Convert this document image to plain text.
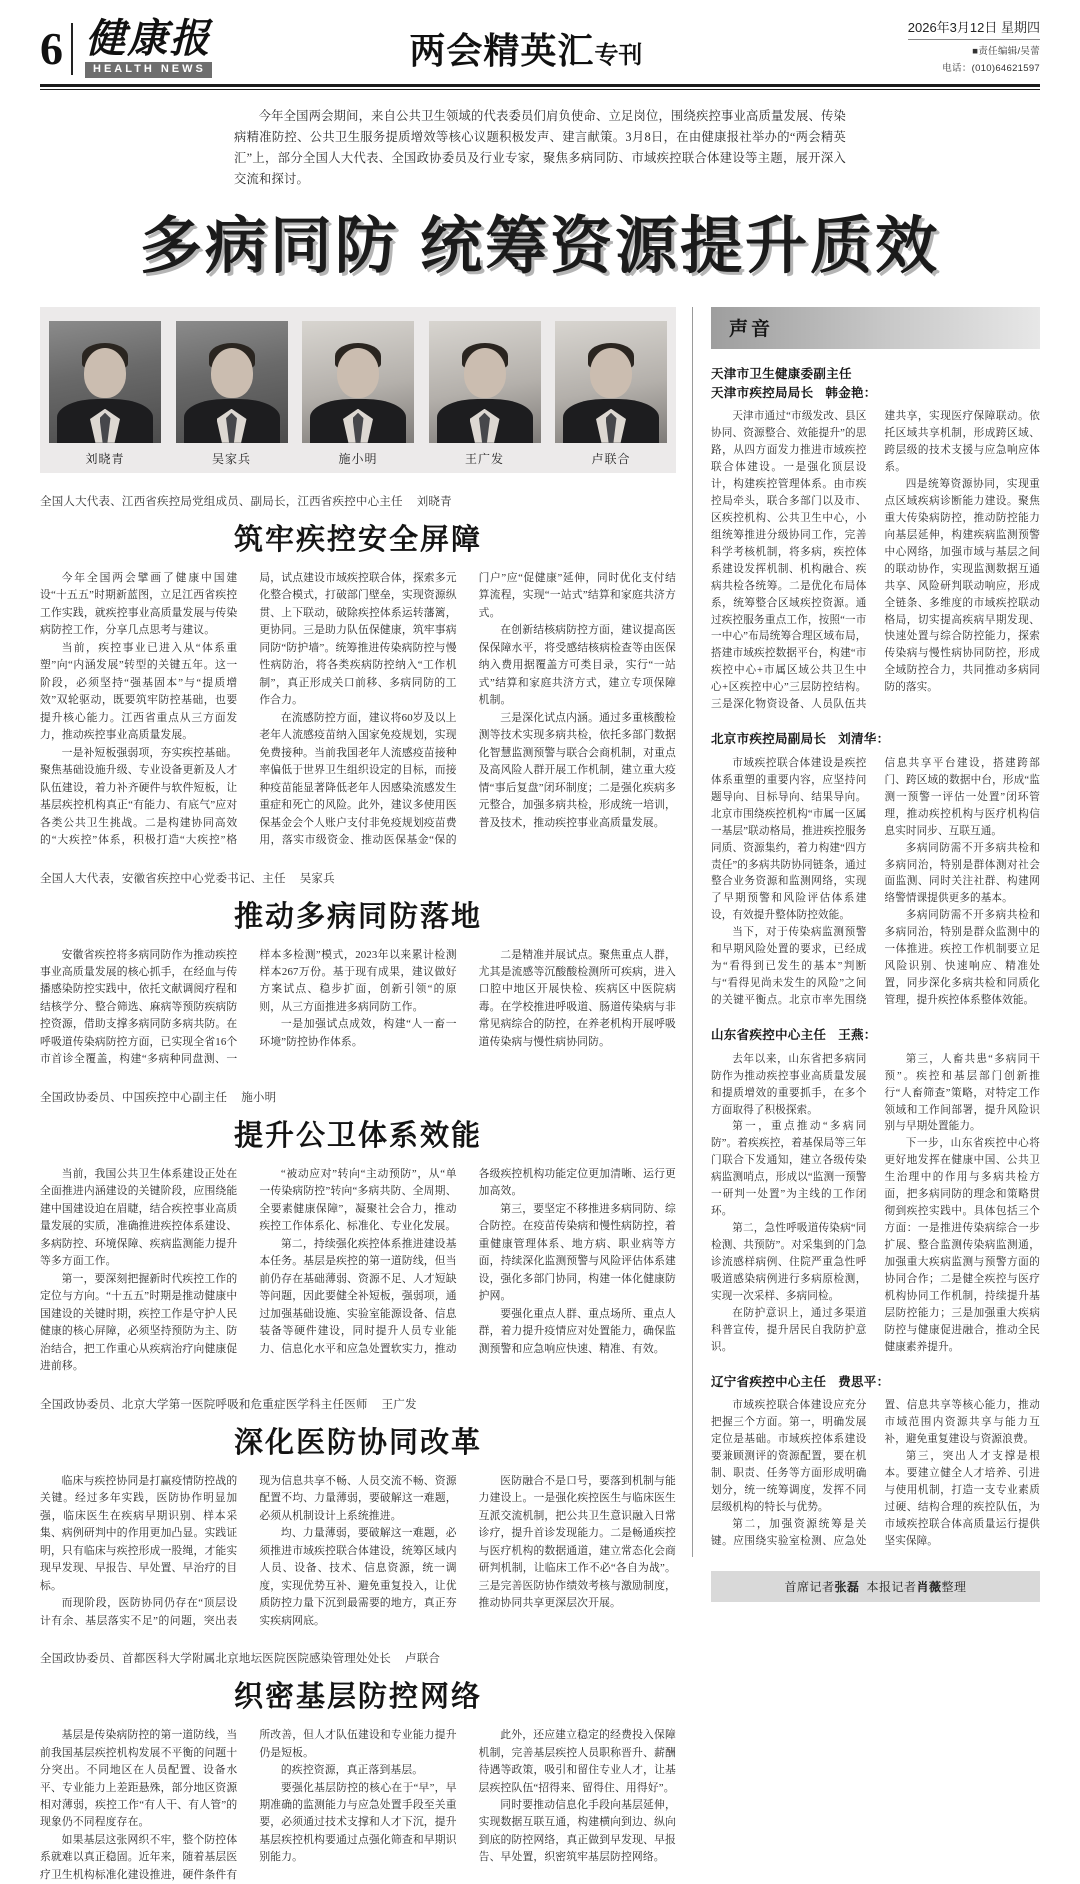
6 健康报
HEALTH NEWS	两会精英汇专刊
2026年3月12日 星期四
■责任编辑/吴蕾
电话：(010)64621597
今年全国两会期间，来自公共卫生领域的代表委员们肩负使命、立足岗位，围绕疾控事业高质量发展、传染病精准防控、公共卫生服务提质增效等核心议题积极发声、建言献策。3月8日，在由健康报社举办的“两会精英汇”上，部分全国人大代表、全国政协委员及行业专家，聚焦多病同防、市域疾控联合体建设等主题，展开深入交流和探讨。
多病同防 统筹资源提升质效
刘晓青	吴家兵	施小明	王广发	卢联合
全国人大代表、江西省疾控局党组成员、副局长，江西省疾控中心主任 刘晓青
筑牢疾控安全屏障

今年全国两会擘画了健康中国建设“十五五”时期新蓝图，立足江西省疾控工作实践，就疾控事业高质量发展与传染病防控工作，分享几点思考与建议。

当前，疾控事业已进入从“体系重塑”向“内涵发展”转型的关键五年。这一阶段，必须坚持“强基固本”与“提质增效”双轮驱动，既要筑牢防控基础，也要提升核心能力。江西省重点从三方面发力，推动疾控事业高质量发展。

一是补短板强弱项，夯实疾控基础。聚焦基础设施升级、专业设备更新及人才队伍建设，着力补齐硬件与软件短板，让基层疾控机构真正“有能力、有底气”应对各类公共卫生挑战。二是构建协同高效的“大疾控”体系，积极打造“大疾控”格局，试点建设市域疾控联合体，探索多元化整合模式，打破部门壁垒，实现资源纵贯、上下联动，破除疾控体系运转藩篱，更协同。三是助力队伍保健康，筑牢事病同防“防护墙”。统筹推进传染病防控与慢性病防治，将各类疾病防控纳入“工作机制”，真正形成关口前移、多病同防的工作合力。

在流感防控方面，建议将60岁及以上老年人流感疫苗纳入国家免疫规划，实现免费接种。当前我国老年人流感疫苗接种率偏低于世界卫生组织设定的目标，而接种疫苗能显著降低老年人因感染流感发生重症和死亡的风险。此外，建议多使用医保基金会个人账户支付非免疫规划疫苗费用，落实市级资金、推动医保基金“保的门户”应“促健康”延伸，同时优化支付结算流程，实现“一站式”结算和家庭共济方式。

在创新结核病防控方面，建议提高医保保障水平，将受感结核病检查等由医保纳入费用据覆盖方可类目录，实行“一站式”结算和家庭共济方式，建立专项保障机制。

三是深化试点内涵。通过多重核酸检测等技术实现多病共检，依托多部门数据化智慧监测预警与联合会商机制，对重点及高风险人群开展工作机制，建立重大疫情“事后复盘”闭环制度；二是强化疾病多元整合，加强多病共检，形成统一培训，普及技术，推动疾控事业高质量发展。

全国人大代表，安徽省疾控中心党委书记、主任 吴家兵
推动多病同防落地

安徽省疾控将多病同防作为推动疾控事业高质量发展的核心抓手，在经血与传播感染防控实践中，依托文献调阅疗程和结核学分、整合筛选、麻病等预防疾病防控资源，借助支撑多病同防多病共防。在呼吸道传染病防控方面，已实现全省16个市首诊全覆盖，构建“多病种同盘测、一样本多检测”模式，2023年以来累计检测样本267万份。基于现有成果，建议做好方案试点、稳步扩面，创新引领“的原则，从三方面推进多病同防工作。

一是加强试点成效，构建“人一畜一环境”防控协作体系。

二是精准并展试点。聚焦重点人群，尤其是流感等沉酸酸检测所可疾病，进入口腔中地区开展快检、疾病区中医院病毒。在学校推进呼吸道、肠道传染病与非常见病综合的防控，在养老机构开展呼吸道传染病与慢性病协同防。

全国政协委员、中国疾控中心副主任 施小明
提升公卫体系效能

当前，我国公共卫生体系建设正处在全面推进内涵建设的关键阶段，应围绕能建中国建设迫在眉睫，结合疾控事业高质量发展的实质，准确推进疾控体系建设、多病防控、环境保障、疾病监测能力提升等多方面工作。

第一，要深刻把握新时代疾控工作的定位与方向。“十五五”时期是推动健康中国建设的关键时期，疾控工作是守护人民健康的核心屏障，必须坚持预防为主、防治结合，把工作重心从疾病治疗向健康促进前移。

“被动应对”转向“主动预防”，从“单一传染病防控”转向“多病共防、全周期、全要素健康保障”，凝聚社会合力，推动疾控工作体系化、标准化、专业化发展。

第二，持续强化疾控体系推进建设基本任务。基层是疾控的第一道防线，但当前仍存在基础薄弱、资源不足、人才短缺等问题，因此要健全补短板，强弱项，通过加强基础设施、实验室能源设备、信息装备等硬件建设，同时提升人员专业能力、信息化水平和应急处置软实力，推动各级疾控机构功能定位更加清晰、运行更加高效。

第三，要坚定不移推进多病同防、综合防控。在疫苗传染病和慢性病防控，着重健康管理体系、地方病、职业病等方面，持续深化监测预警与风险评估体系建设，强化多部门协同，构建一体化健康防护网。

要强化重点人群、重点场所、重点人群，着力提升疫情应对处置能力，确保监测预警和应急响应快速、精准、有效。

全国政协委员、北京大学第一医院呼吸和危重症医学科主任医师 王广发
深化医防协同改革

临床与疾控协同是打赢疫情防控战的关键。经过多年实践，医防协作明显加强，临床医生在疾病早期识别、样本采集、病例研判中的作用更加凸显。实践证明，只有临床与疾控形成一股绳，才能实现早发现、早报告、早处置、早治疗的目标。

而现阶段，医防协同仍存在“顶层设计有余、基层落实不足”的问题，突出表现为信息共享不畅、人员交流不畅、资源配置不均、力量薄弱，要破解这一难题，必须从机制设计上系统推进。

均、力量薄弱，要破解这一难题，必须推进市域疾控联合体建设，统筹区域内人员、设备、技术、信息资源，统一调度，实现优势互补、避免重复投入，让优质防控力量下沉到最需要的地方，真正夯实疾病网底。

医防融合不是口号，要落到机制与能力建设上。一是强化疾控医生与临床医生互派交流机制，把公共卫生意识融入日常诊疗，提升首诊发现能力。二是畅通疾控与医疗机构的数据通道，建立常态化会商研判机制，让临床工作不必“各自为战”。三是完善医防协作绩效考核与激励制度，推动协同共享更深层次开展。

全国政协委员、首都医科大学附属北京地坛医院医院感染管理处处长 卢联合
织密基层防控网络

基层是传染病防控的第一道防线，当前我国基层疾控机构发展不平衡的问题十分突出。不同地区在人员配置、设备水平、专业能力上差距悬殊，部分地区资源相对薄弱，疾控工作“有人干、有人管”的现象仍不同程度存在。

如果基层这张网织不牢，整个防控体系就难以真正稳固。近年来，随着基层医疗卫生机构标准化建设推进，硬件条件有所改善，但人才队伍建设和专业能力提升仍是短板。

的疾控资源，真正落到基层。

要强化基层防控的核心在于“早”，早期准确的监测能力与应急处置手段至关重要，必须通过技术支撑和人才下沉，提升基层疾控机构要通过点强化筛查和早期识别能力。

此外，还应建立稳定的经费投入保障机制，完善基层疾控人员职称晋升、薪酬待遇等政策，吸引和留住专业人才，让基层疾控队伍“招得来、留得住、用得好”。

同时要推动信息化手段向基层延伸，实现数据互联互通，构建横向到边、纵向到底的防控网络，真正做到早发现、早报告、早处置，织密筑牢基层防控网络。

声音
天津市卫生健康委副主任
天津市疾控局局长 韩金艳：

天津市通过“市级发改、县区协同、资源整合、效能提升”的思路，从四方面发力推进市域疾控联合体建设。一是强化顶层设计，构建疾控管理体系。由市疾控局牵头，联合多部门以及市、区疾控机构、公共卫生中心，小组统筹推进分级协同工作，完善科学考核机制，将多病，疾控体系建设发挥机制、机构融合、疾病共检各统筹。二是优化布局体系，统筹整合区域疾控资源。通过疾控服务重点工作，按照“一市一中心”布局统筹合理区域布局，搭建市域疾控数据平台，构建“市疾控中心+市属区域公共卫生中心+区疾控中心”三层防控结构。三是深化物资设备、人员队伍共建共享，实现医疗保障联动。依托区域共享机制，形成跨区域、跨层级的技术支援与应急响应体系。

四是统筹资源协同，实现重点区域疾病诊断能力建设。聚焦重大传染病防控，推动防控能力向基层延伸，构建疾病监测预警中心网络，加强市域与基层之间的联动协作，实现监测数据互通共享、风险研判联动响应，形成全链条、多维度的市域疾控联动格局，切实提高疾病早期发现、快速处置与综合防控能力，探索传染病与慢性病协同防控，形成全域防控合力，共同推动多病同防的落实。

北京市疾控局副局长 刘清华：

市域疾控联合体建设是疾控体系重塑的重要内容，应坚持问题导向、目标导向、结果导向。北京市围绕疾控机构“市属一区属一基层”联动格局，推进疾控服务同质、资源集约，着力构建“四方责任”的多病共防协同链条，通过整合业务资源和监测网络，实现了早期预警和风险评估体系建设，有效提升整体防控效能。

当下，对于传染病监测预警和早期风险处置的要求，已经成为“看得到已发生的基本”判断与“看得见尚未发生的风险”之间的关键平衡点。北京市率先围绕信息共享平台建设，搭建跨部门、跨区域的数据中台，形成“监测一预警一评估一处置”闭环管理，推动疾控机构与医疗机构信息实时同步、互联互通。

多病同防需不开多病共检和多病同治，特别是群体测对社会面监测、同时关注社群、构建网络警情课提供更多的基本。

多病同防需不开多病共检和多病同治，特别是群众监测中的一体推进。疾控工作机制要立足风险识别、快速响应、精准处置，同步深化多病共检和同质化管理，提升疾控体系整体效能。

山东省疾控中心主任 王燕：

去年以来，山东省把多病同防作为推动疾控事业高质量发展和提质增效的重要抓手，在多个方面取得了积极探索。

第一，重点推动“多病同防”。着疾疾控，着基保局等三年门联合下发通知，建立各级传染病监测哨点，形成以“监测一预警一研判一处置”为主线的工作闭环。

第二，急性呼吸道传染病“同检测、共预防”。对采集到的门急诊流感样病例、住院严重急性呼吸道感染病例进行多病原检测，实现一次采样、多病同检。

在防护意识上，通过多渠道科普宣传，提升居民自我防护意识。

第三，人畜共患“多病同干预”。疾控和基层部门创新推行“人畜筛查”策略，对特定工作领域和工作间部署，提升风险识别与早期处置能力。

下一步，山东省疾控中心将更好地发挥在健康中国、公共卫生治理中的作用与多病共检方面，把多病同防的理念和策略贯彻到疾控实践中。具体包括三个方面：一是推进传染病综合一步扩展、整合监测传染病监测通，加强重大疾病监测与预警方面的协同合作；二是健全疾控与医疗机构协同工作机制，持续提升基层防控能力；三是加强重大疾病防控与健康促进融合，推动全民健康素养提升。

辽宁省疾控中心主任 费思平：

市域疾控联合体建设应充分把握三个方面。第一，明确发展定位是基础。市域疾控体系建设要兼顾测评的资源配置，要在机制、职责、任务等方面形成明确划分，统一统筹调度，发挥不同层级机构的特长与优势。

第二，加强资源统筹是关键。应围绕实验室检测、应急处置、信息共享等核心能力，推动市域范围内资源共享与能力互补，避免重复建设与资源浪费。

第三，突出人才支撑是根本。要建立健全人才培养、引进与使用机制，打造一支专业素质过硬、结构合理的疾控队伍，为市域疾控联合体高质量运行提供坚实保障。

首席记者张磊 本报记者肖薇整理
